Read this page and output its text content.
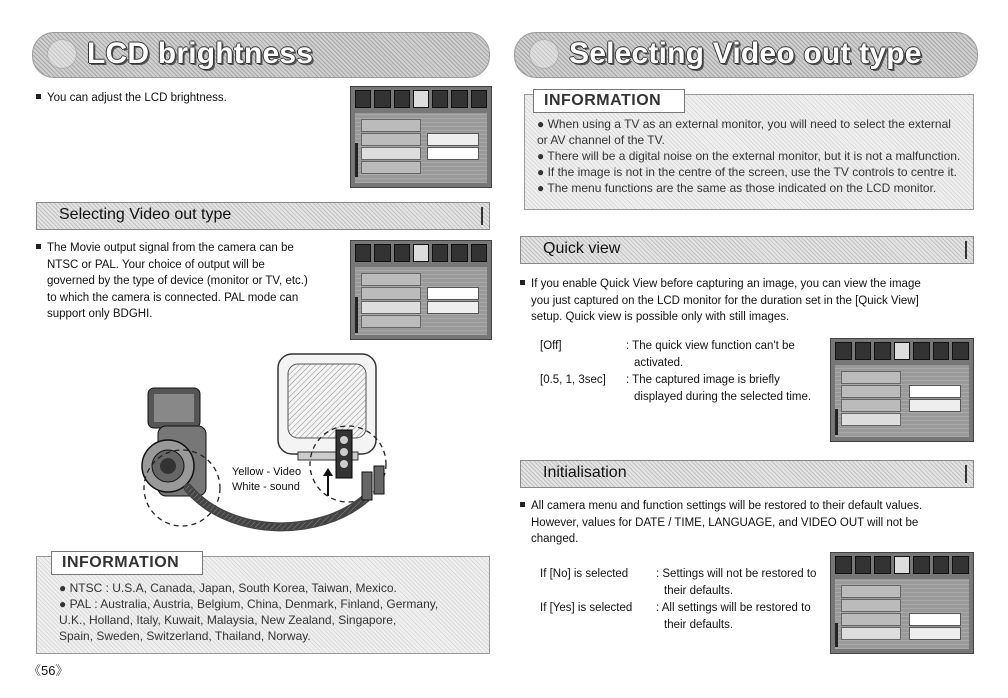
LCD brightness
You can adjust the LCD brightness.
Selecting Video out type
The Movie output signal from the camera can be
NTSC or PAL. Your choice of output will be
governed by the type of device (monitor or TV, etc.)
to which the camera is connected. PAL mode can
support only BDGHI.
Yellow - Video
White - sound
INFORMATION
● NTSC : U.S.A, Canada, Japan, South Korea, Taiwan, Mexico.
● PAL : Australia, Austria, Belgium, China, Denmark, Finland, Germany,
U.K., Holland, Italy, Kuwait, Malaysia, New Zealand, Singapore,
Spain, Sweden, Switzerland, Thailand, Norway.
《56》
Selecting Video out type
INFORMATION
● When using a TV as an external monitor, you will need to select the external
or AV channel of the TV.
● There will be a digital noise on the external monitor, but it is not a malfunction.
● If the image is not in the centre of the screen, use the TV controls to centre it.
● The menu functions are the same as those indicated on the LCD monitor.
Quick view
If you enable Quick View before capturing an image, you can view the image
you just captured on the LCD monitor for the duration set in the [Quick View]
setup. Quick view is possible only with still images.
[Off]	: The quick view function can't be
activated.
[0.5, 1, 3sec] : The captured image is briefly
displayed during the selected time.
Initialisation
All camera menu and function settings will be restored to their default values.
However, values for DATE / TIME, LANGUAGE, and VIDEO OUT will not be
changed.
If [No] is selected : Settings will not be restored to
their defaults.
If [Yes] is selected : All settings will be restored to
their defaults.
